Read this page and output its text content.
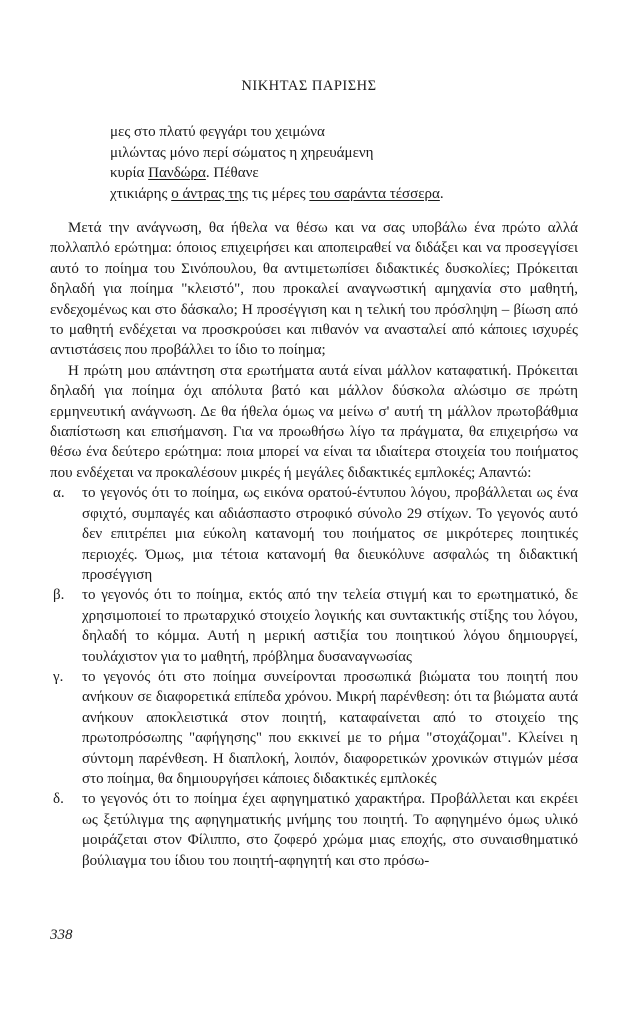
ΝΙΚΗΤΑΣ ΠΑΡΙΣΗΣ
μες στο πλατύ φεγγάρι του χειμώνα
μιλώντας μόνο περί σώματος η χηρευάμενη
κυρία Πανδώρα. Πέθανε
χτικιάρης ο άντρας της τις μέρες του σαράντα τέσσερα.

Μετά την ανάγνωση, θα ήθελα να θέσω και να σας υποβάλω ένα πρώτο αλλά πολλαπλό ερώτημα: όποιος επιχειρήσει και αποπειραθεί να διδάξει και να προσεγγίσει αυτό το ποίημα του Σινόπουλου, θα αντιμετωπίσει διδακτικές δυσκολίες; Πρόκειται δηλαδή για ποίημα "κλειστό", που προκαλεί αναγνωστική αμηχανία στο μαθητή, ενδεχομένως και στο δάσκαλο; Η προσέγγιση και η τελική του πρόσληψη – βίωση από το μαθητή ενδέχεται να προσκρούσει και πιθανόν να ανασταλεί από κάποιες ισχυρές αντιστάσεις που προβάλλει το ίδιο το ποίημα;

Η πρώτη μου απάντηση στα ερωτήματα αυτά είναι μάλλον καταφατική. Πρόκειται δηλαδή για ποίημα όχι απόλυτα βατό και μάλλον δύσκολα αλώσιμο σε πρώτη ερμηνευτική ανάγνωση. Δε θα ήθελα όμως να μείνω σ' αυτή τη μάλλον πρωτοβάθμια διαπίστωση και επισήμανση. Για να προωθήσω λίγο τα πράγματα, θα επιχειρήσω να θέσω ένα δεύτερο ερώτημα: ποια μπορεί να είναι τα ιδιαίτερα στοιχεία του ποιήματος που ενδέχεται να προκαλέσουν μικρές ή μεγάλες διδακτικές εμπλοκές; Απαντώ:

α. το γεγονός ότι το ποίημα, ως εικόνα ορατού-έντυπου λόγου, προβάλλεται ως ένα σφιχτό, συμπαγές και αδιάσπαστο στροφικό σύνολο 29 στίχων. Το γεγονός αυτό δεν επιτρέπει μια εύκολη κατανομή του ποιήματος σε μικρότερες ποιητικές περιοχές. Όμως, μια τέτοια κατανομή θα διευκόλυνε ασφαλώς τη διδακτική προσέγγιση
β. το γεγονός ότι το ποίημα, εκτός από την τελεία στιγμή και το ερωτηματικό, δε χρησιμοποιεί το πρωταρχικό στοιχείο λογικής και συντακτικής στίξης του λόγου, δηλαδή το κόμμα. Αυτή η μερική αστιξία του ποιητικού λόγου δημιουργεί, τουλάχιστον για το μαθητή, πρόβλημα δυσαναγνωσίας
γ. το γεγονός ότι στο ποίημα συνείρονται προσωπικά βιώματα του ποιητή που ανήκουν σε διαφορετικά επίπεδα χρόνου. Μικρή παρένθεση: ότι τα βιώματα αυτά ανήκουν αποκλειστικά στον ποιητή, καταφαίνεται από το στοιχείο της πρωτοπρόσωπης "αφήγησης" που εκκινεί με το ρήμα "στοχάζομαι". Κλείνει η σύντομη παρένθεση. Η διαπλοκή, λοιπόν, διαφορετικών χρονικών στιγμών μέσα στο ποίημα, θα δημιουργήσει κάποιες διδακτικές εμπλοκές
δ. το γεγονός ότι το ποίημα έχει αφηγηματικό χαρακτήρα. Προβάλλεται και εκρέει ως ξετύλιγμα της αφηγηματικής μνήμης του ποιητή. Το αφηγημένο όμως υλικό μοιράζεται στον Φίλιππο, στο ζοφερό χρώμα μιας εποχής, στο συναισθηματικό βούλιαγμα του ίδιου του ποιητή-αφηγητή και στο πρόσω-
338
